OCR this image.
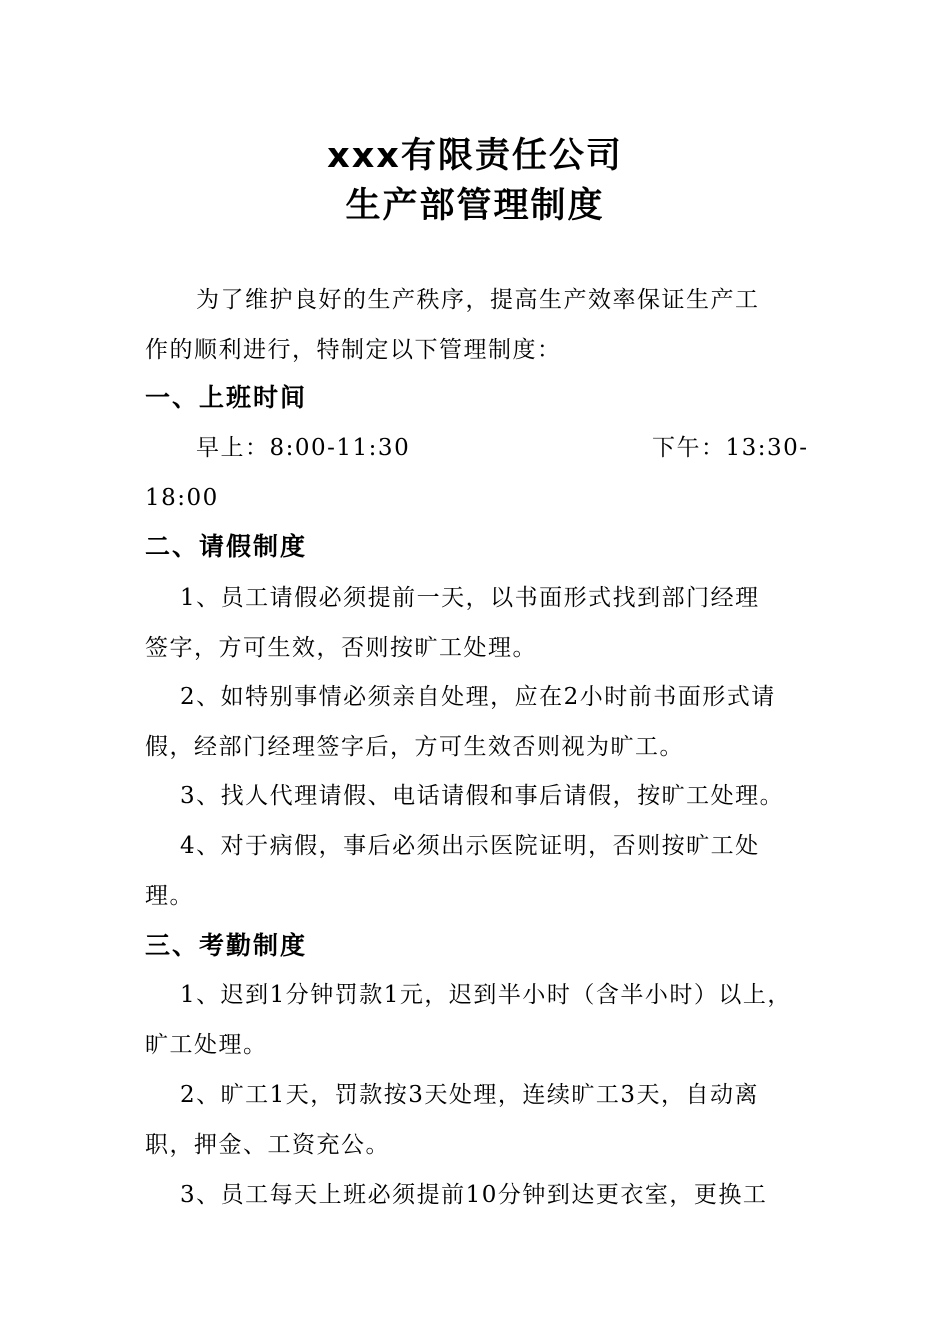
xxx有限责任公司
生产部管理制度
为了维护良好的生产秩序，提高生产效率保证生产工
作的顺利进行，特制定以下管理制度：
一、上班时间
早上：8:00-11:30	下午：13:30-
18:00
二、请假制度
1、员工请假必须提前一天，以书面形式找到部门经理
签字，方可生效，否则按旷工处理。
2、如特别事情必须亲自处理，应在2小时前书面形式请
假，经部门经理签字后，方可生效否则视为旷工。
3、找人代理请假、电话请假和事后请假，按旷工处理。
4、对于病假，事后必须出示医院证明，否则按旷工处
理。
三、考勤制度
1、迟到1分钟罚款1元，迟到半小时（含半小时）以上，
旷工处理。
2、旷工1天，罚款按3天处理，连续旷工3天，自动离
职，押金、工资充公。
3、员工每天上班必须提前10分钟到达更衣室，更换工
